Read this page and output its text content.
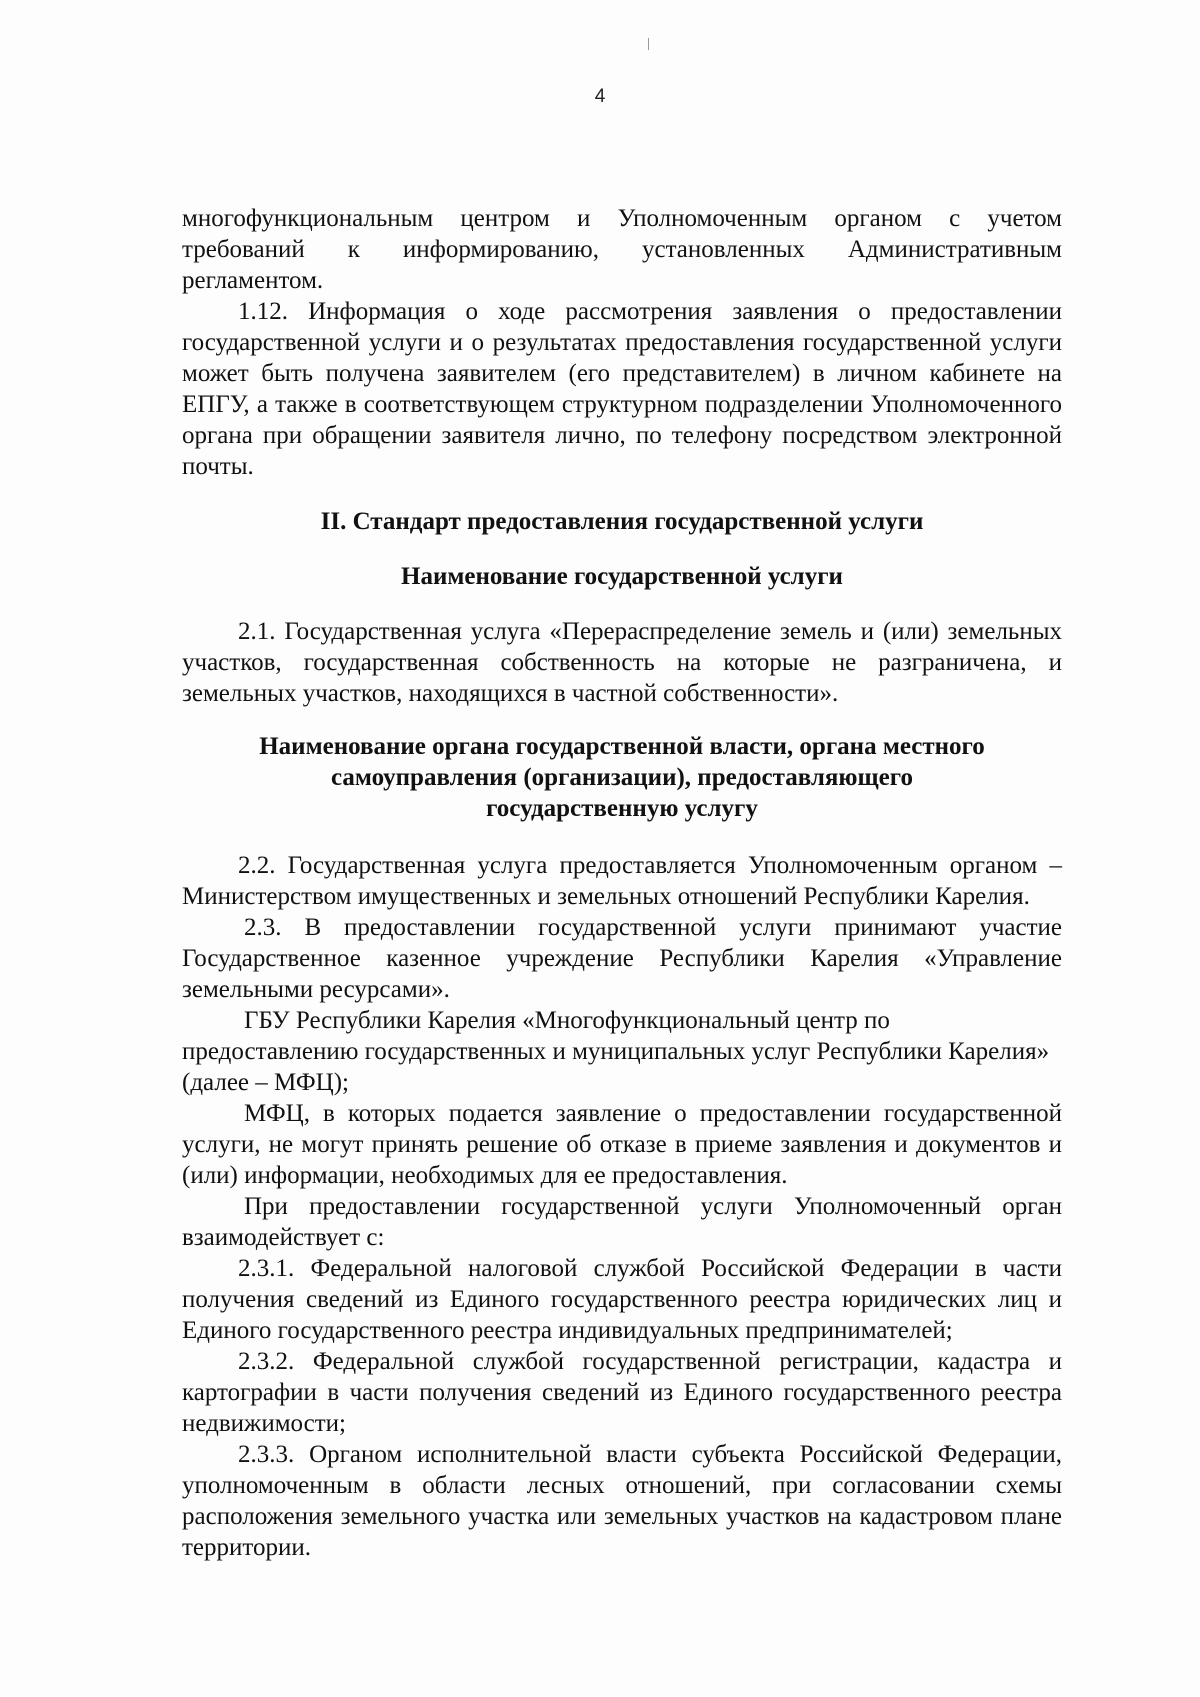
4

многофункциональным центром и Уполномоченным органом с учетом требований к информированию, установленных Административным регламентом.

1.12. Информация о ходе рассмотрения заявления о предоставлении государственной услуги и о результатах предоставления государственной услуги может быть получена заявителем (его представителем) в личном кабинете на ЕПГУ, а также в соответствующем структурном подразделении Уполномоченного органа при обращении заявителя лично, по телефону посредством электронной почты.

II. Стандарт предоставления государственной услуги

Наименование государственной услуги

2.1. Государственная услуга «Перераспределение земель и (или) земельных участков, государственная собственность на которые не разграничена, и земельных участков, находящихся в частной собственности».

Наименование органа государственной власти, органа местного самоуправления (организации), предоставляющего государственную услугу

2.2. Государственная услуга предоставляется Уполномоченным органом – Министерством имущественных и земельных отношений Республики Карелия.

2.3. В предоставлении государственной услуги принимают участие Государственное казенное учреждение Республики Карелия «Управление земельными ресурсами».

ГБУ Республики Карелия «Многофункциональный центр по предоставлению государственных и муниципальных услуг Республики Карелия» (далее – МФЦ);

МФЦ, в которых подается заявление о предоставлении государственной услуги, не могут принять решение об отказе в приеме заявления и документов и (или) информации, необходимых для ее предоставления.

При предоставлении государственной услуги Уполномоченный орган взаимодействует с:

2.3.1. Федеральной налоговой службой Российской Федерации в части получения сведений из Единого государственного реестра юридических лиц и Единого государственного реестра индивидуальных предпринимателей;

2.3.2. Федеральной службой государственной регистрации, кадастра и картографии в части получения сведений из Единого государственного реестра недвижимости;

2.3.3. Органом исполнительной власти субъекта Российской Федерации, уполномоченным в области лесных отношений, при согласовании схемы расположения земельного участка или земельных участков на кадастровом плане территории.
